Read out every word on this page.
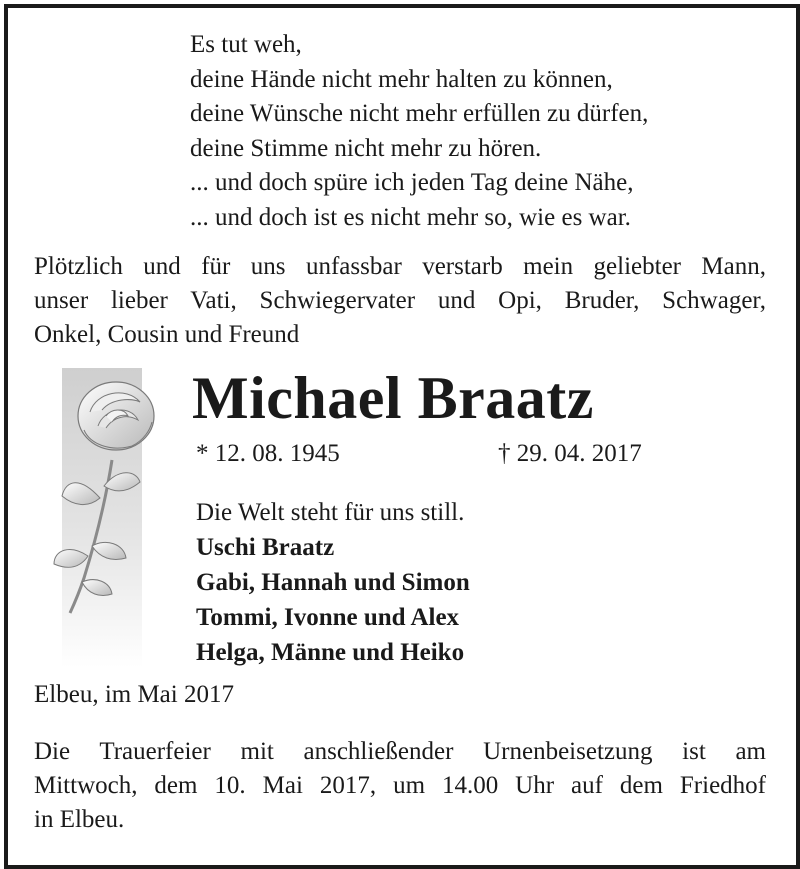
Es tut weh,
deine Hände nicht mehr halten zu können,
deine Wünsche nicht mehr erfüllen zu dürfen,
deine Stimme nicht mehr zu hören.
... und doch spüre ich jeden Tag deine Nähe,
... und doch ist es nicht mehr so, wie es war.
Plötzlich und für uns unfassbar verstarb mein geliebter Mann,
unser lieber Vati, Schwiegervater und Opi, Bruder, Schwager,
Onkel, Cousin und Freund
Michael Braatz
* 12. 08. 1945	† 29. 04. 2017
Die Welt steht für uns still.
Uschi Braatz
Gabi, Hannah und Simon
Tommi, Ivonne und Alex
Helga, Männe und Heiko
Elbeu, im Mai 2017
Die Trauerfeier mit anschließender Urnenbeisetzung ist am
Mittwoch, dem 10. Mai 2017, um 14.00 Uhr auf dem Friedhof
in Elbeu.
